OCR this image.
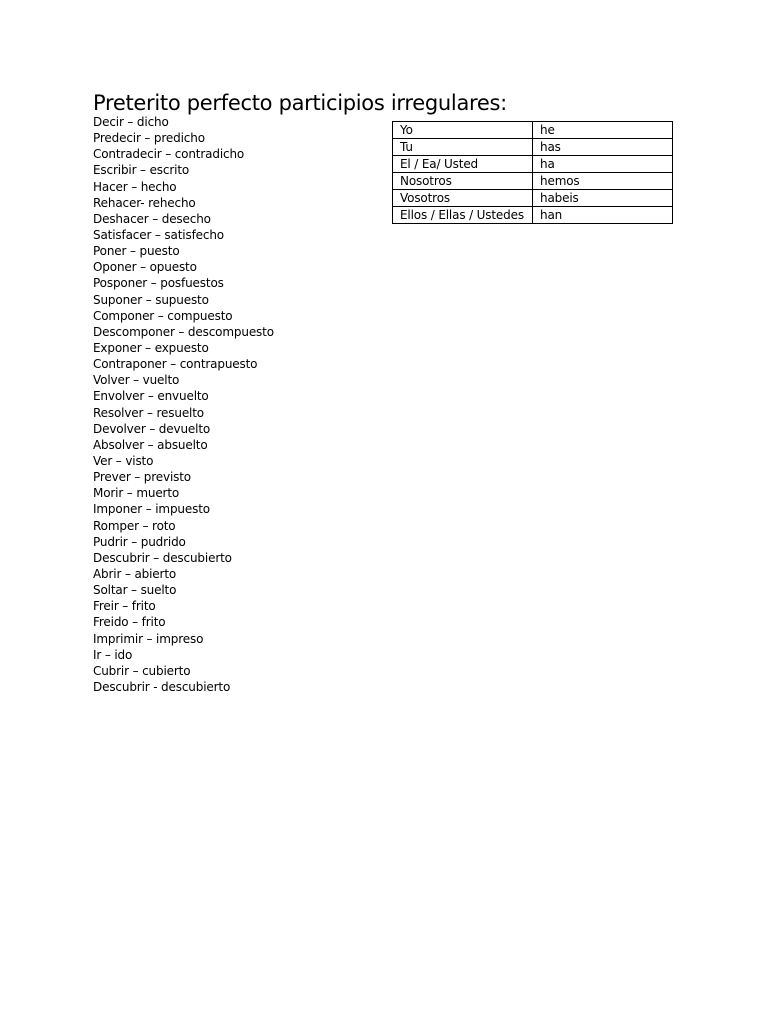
Preterito perfecto participios irregulares:
Decir – dicho
Predecir – predicho
Contradecir – contradicho
Escribir – escrito
Hacer – hecho
Rehacer- rehecho
Deshacer – desecho
Satisfacer – satisfecho
Poner – puesto
Oponer – opuesto
Posponer – posfuestos
Suponer – supuesto
Componer – compuesto
Descomponer – descompuesto
Exponer – expuesto
Contraponer – contrapuesto
Volver – vuelto
Envolver – envuelto
Resolver – resuelto
Devolver – devuelto
Absolver – absuelto
Ver – visto
Prever – previsto
Morir – muerto
Imponer – impuesto
Romper – roto
Pudrir – pudrido
Descubrir – descubierto
Abrir – abierto
Soltar – suelto
Freir – frito
Freido – frito
Imprimir – impreso
Ir – ido
Cubrir – cubierto
Descubrir - descubierto
Yo	he
Tu	has
El / Ea/ Usted	ha
Nosotros	hemos
Vosotros	habeis
Ellos / Ellas / Ustedes	han
